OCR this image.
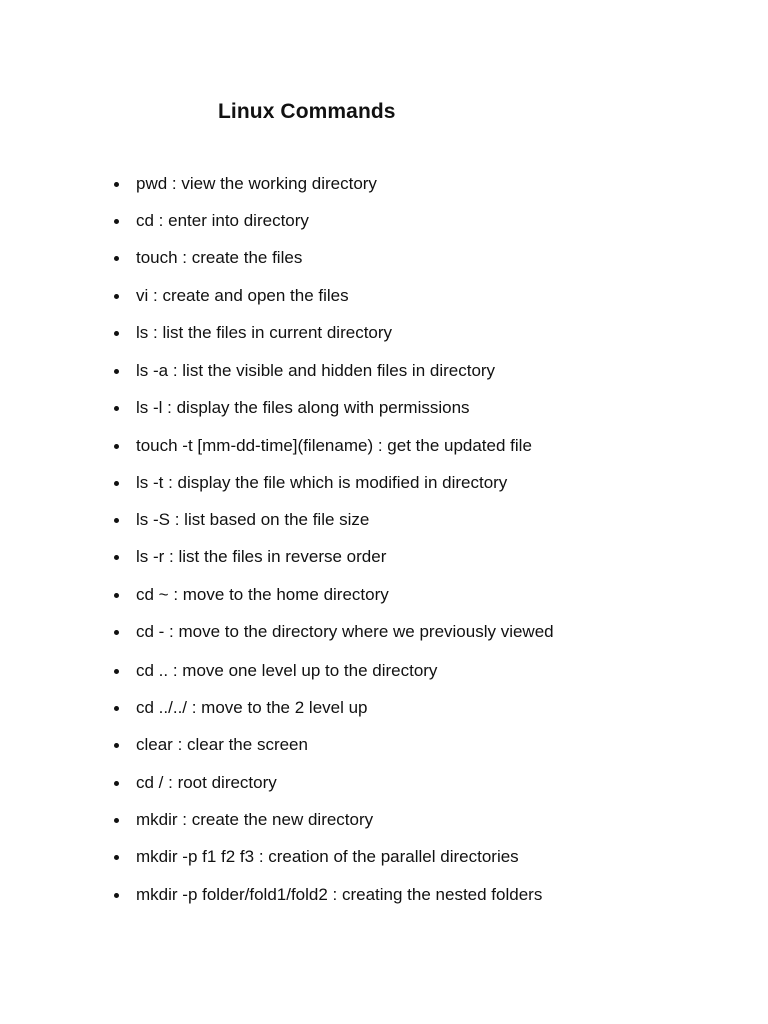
Linux Commands
pwd : view the working directory
cd : enter into directory
touch : create the files
vi : create and open the files
ls : list the files in current directory
ls -a : list the visible and hidden files in directory
ls -l : display the files along with permissions
touch -t [mm-dd-time](filename) : get the updated file
ls -t : display the file which is modified in directory
ls -S : list based on the file size
ls -r : list the files in reverse order
cd ~ : move to the home directory
cd - : move to the directory where we previously viewed
cd .. : move one level up to the directory
cd ../../ : move to the 2 level up
clear : clear the screen
cd / : root directory
mkdir : create the new directory
mkdir -p f1 f2 f3 : creation of the parallel directories
mkdir -p folder/fold1/fold2 : creating the nested folders
